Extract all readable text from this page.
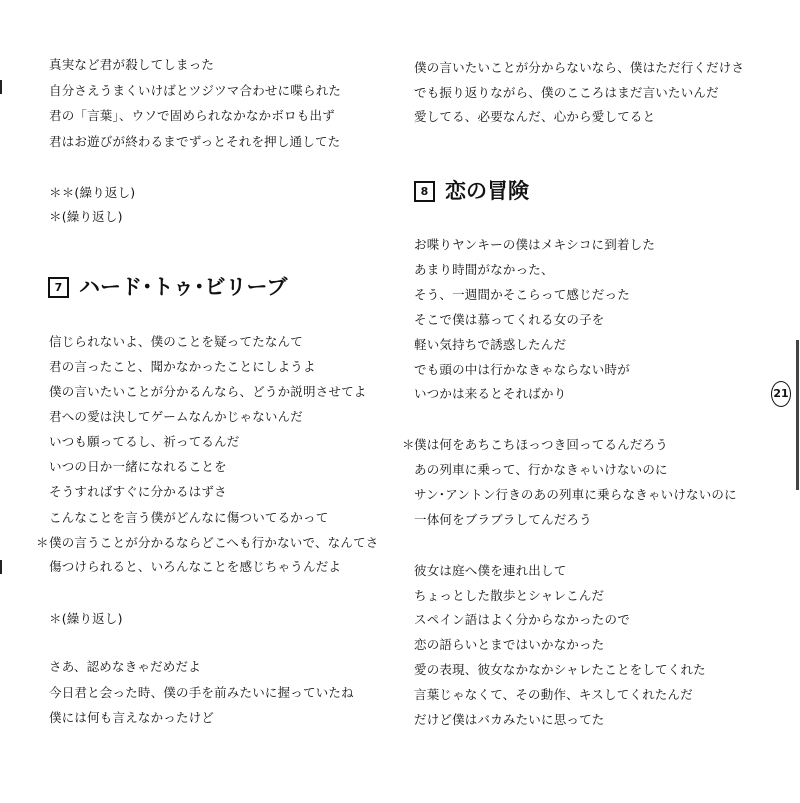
真実など君が殺してしまった
自分さえうまくいけばとツジツマ合わせに喋られた
君の「言葉」、ウソで固められなかなかボロも出ず
君はお遊びが終わるまでずっとそれを押し通してた
＊＊(繰り返し)
＊(繰り返し)
7 ハード･トゥ･ビリーブ
信じられないよ、僕のことを疑ってたなんて
君の言ったこと、聞かなかったことにしようよ
僕の言いたいことが分かるんなら、どうか説明させてよ
君への愛は決してゲームなんかじゃないんだ
いつも願ってるし、祈ってるんだ
いつの日か一緒になれることを
そうすればすぐに分かるはずさ
こんなことを言う僕がどんなに傷ついてるかって
＊ 僕の言うことが分かるならどこへも行かないで、なんてさ
傷つけられると、いろんなことを感じちゃうんだよ
＊(繰り返し)
さあ、認めなきゃだめだよ
今日君と会った時、僕の手を前みたいに握っていたね
僕には何も言えなかったけど
僕の言いたいことが分からないなら、僕はただ行くだけさ
でも振り返りながら、僕のこころはまだ言いたいんだ
愛してる、必要なんだ、心から愛してると
8 恋の冒険
お喋りヤンキーの僕はメキシコに到着した
あまり時間がなかった、
そう、一週間かそこらって感じだった
そこで僕は慕ってくれる女の子を
軽い気持ちで誘惑したんだ
でも頭の中は行かなきゃならない時が
いつかは来るとそればかり
＊ 僕は何をあちこちほっつき回ってるんだろう
あの列車に乗って、行かなきゃいけないのに
サン･アントン行きのあの列車に乗らなきゃいけないのに
一体何をブラブラしてんだろう
彼女は庭へ僕を連れ出して
ちょっとした散歩とシャレこんだ
スペイン語はよく分からなかったので
恋の語らいとまではいかなかった
愛の表現、彼女なかなかシャレたことをしてくれた
言葉じゃなくて、その動作、キスしてくれたんだ
だけど僕はバカみたいに思ってた
21
